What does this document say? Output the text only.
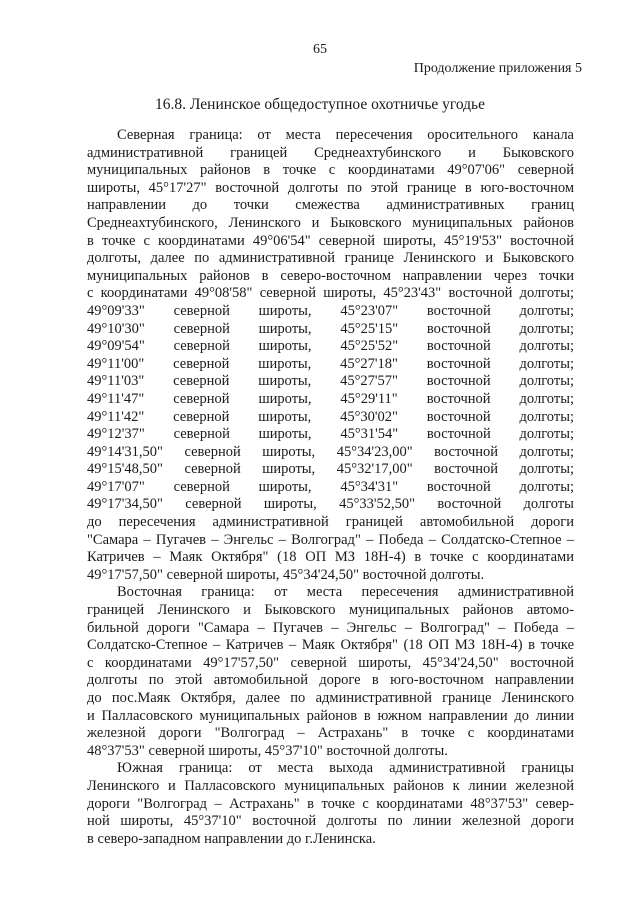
65
Продолжение приложения 5
16.8. Ленинское общедоступное охотничье угодье
Северная граница: от места пересечения оросительного канала
административной границей Среднеахтубинского и Быковского
муниципальных районов в точке с координатами 49°07'06" северной
широты, 45°17'27" восточной долготы по этой границе в юго-восточном
направлении до точки смежества административных границ
Среднеахтубинского, Ленинского и Быковского муниципальных районов
в точке с координатами 49°06'54" северной широты, 45°19'53" восточной
долготы, далее по административной границе Ленинского и Быковского
муниципальных районов в северо-восточном направлении через точки
с координатами 49°08'58" северной широты, 45°23'43" восточной долготы;
49°09'33" северной широты, 45°23'07" восточной долготы;
49°10'30" северной широты, 45°25'15" восточной долготы;
49°09'54" северной широты, 45°25'52" восточной долготы;
49°11'00" северной широты, 45°27'18" восточной долготы;
49°11'03" северной широты, 45°27'57" восточной долготы;
49°11'47" северной широты, 45°29'11" восточной долготы;
49°11'42" северной широты, 45°30'02" восточной долготы;
49°12'37" северной широты, 45°31'54" восточной долготы;
49°14'31,50" северной широты, 45°34'23,00" восточной долготы;
49°15'48,50" северной широты, 45°32'17,00" восточной долготы;
49°17'07" северной широты, 45°34'31" восточной долготы;
49°17'34,50" северной широты, 45°33'52,50" восточной долготы
до пересечения административной границей автомобильной дороги
"Самара – Пугачев – Энгельс – Волгоград" – Победа – Солдатско-Степное –
Катричев – Маяк Октября" (18 ОП МЗ 18Н-4) в точке с координатами
49°17'57,50" северной широты, 45°34'24,50" восточной долготы.
Восточная граница: от места пересечения административной
границей Ленинского и Быковского муниципальных районов автомо-
бильной дороги "Самара – Пугачев – Энгельс – Волгоград" – Победа –
Солдатско-Степное – Катричев – Маяк Октября" (18 ОП МЗ 18Н-4) в точке
с координатами 49°17'57,50" северной широты, 45°34'24,50" восточной
долготы по этой автомобильной дороге в юго-восточном направлении
до пос.Маяк Октября, далее по административной границе Ленинского
и Палласовского муниципальных районов в южном направлении до линии
железной дороги "Волгоград – Астрахань" в точке с координатами
48°37'53" северной широты, 45°37'10" восточной долготы.
Южная граница: от места выхода административной границы
Ленинского и Палласовского муниципальных районов к линии железной
дороги "Волгоград – Астрахань" в точке с координатами 48°37'53" север-
ной широты, 45°37'10" восточной долготы по линии железной дороги
в северо-западном направлении до г.Ленинска.
